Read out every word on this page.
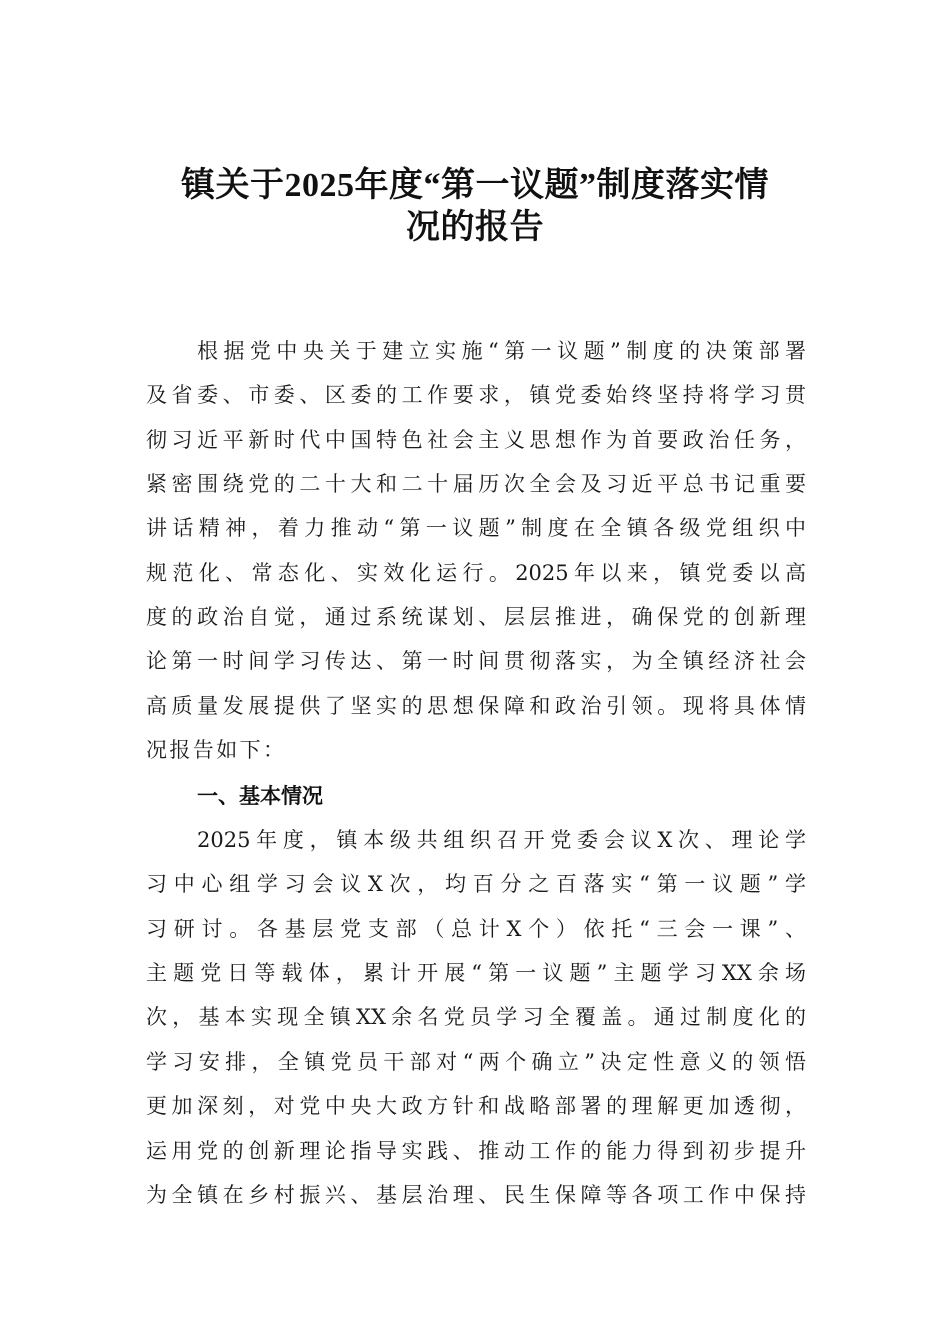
镇关于2025年度“第一议题”制度落实情
况的报告
根据党中央关于建立实施“第一议题”制度的决策部署
及省委、市委、区委的工作要求，镇党委始终坚持将学习贯
彻习近平新时代中国特色社会主义思想作为首要政治任务，
紧密围绕党的二十大和二十届历次全会及习近平总书记重要
讲话精神，着力推动“第一议题”制度在全镇各级党组织中
规范化、常态化、实效化运行。2025年以来，镇党委以高
度的政治自觉，通过系统谋划、层层推进，确保党的创新理
论第一时间学习传达、第一时间贯彻落实，为全镇经济社会
高质量发展提供了坚实的思想保障和政治引领。现将具体情
况报告如下：
一、基本情况
2025年度，镇本级共组织召开党委会议X次、理论学
习中心组学习会议X次，均百分之百落实“第一议题”学
习研讨。各基层党支部（总计X个）依托“三会一课”、
主题党日等载体，累计开展“第一议题”主题学习XX余场
次，基本实现全镇XX余名党员学习全覆盖。通过制度化的
学习安排，全镇党员干部对“两个确立”决定性意义的领悟
更加深刻，对党中央大政方针和战略部署的理解更加透彻，
运用党的创新理论指导实践、推动工作的能力得到初步提升
为全镇在乡村振兴、基层治理、民生保障等各项工作中保持
